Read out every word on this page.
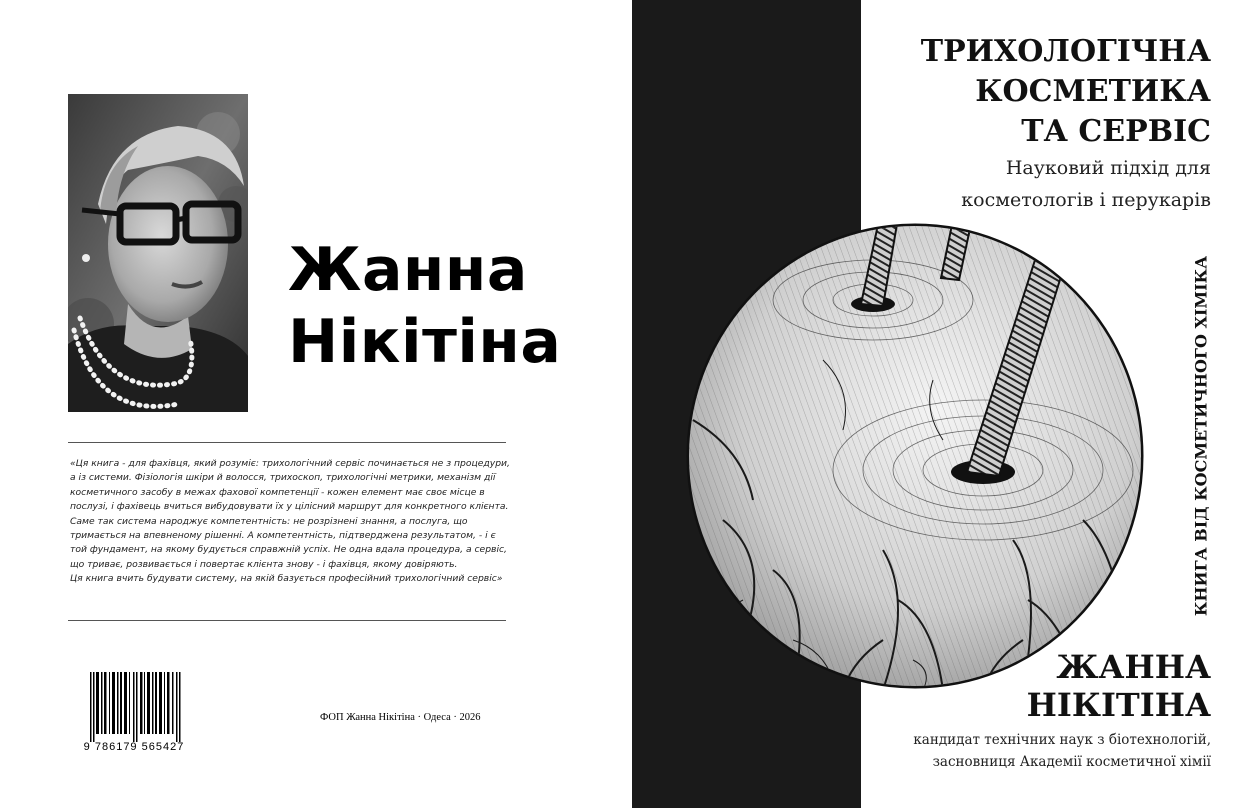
Жанна
Нікітіна

«Ця книга - для фахівця, який розуміє: трихологічний сервіс починається не з процедури, а із системи. Фізіологія шкіри й волосся, трихоскоп, трихологічні метрики, механізм дії косметичного засобу в межах фахової компетенції - кожен елемент має своє місце в послузі, і фахівець вчиться вибудовувати їх у цілісний маршрут для конкретного клієнта.

Саме так система народжує компетентність: не розрізнені знання, а послуга, що тримається на впевненому рішенні. А компетентність, підтверджена результатом, - і є той фундамент, на якому будується справжній успіх. Не одна вдала процедура, а сервіс, що триває, розвивається і повертає клієнта знову - і фахівця, якому довіряють.

Ця книга вчить будувати систему, на якій базується професійний трихологічний сервіс»

9 786179 565427
ФОП Жанна Нікітіна · Одеса · 2026
ТРИХОЛОГІЧНА
КОСМЕТИКА
ТА СЕРВІС

Науковий підхід для
косметологів і перукарів

ЖАННА
НІКІТІНА

кандидат технічних наук з біотехнологій,
засновниця Академії косметичної хімії

КНИГА ВІД КОСМЕТИЧНОГО ХІМІКА
